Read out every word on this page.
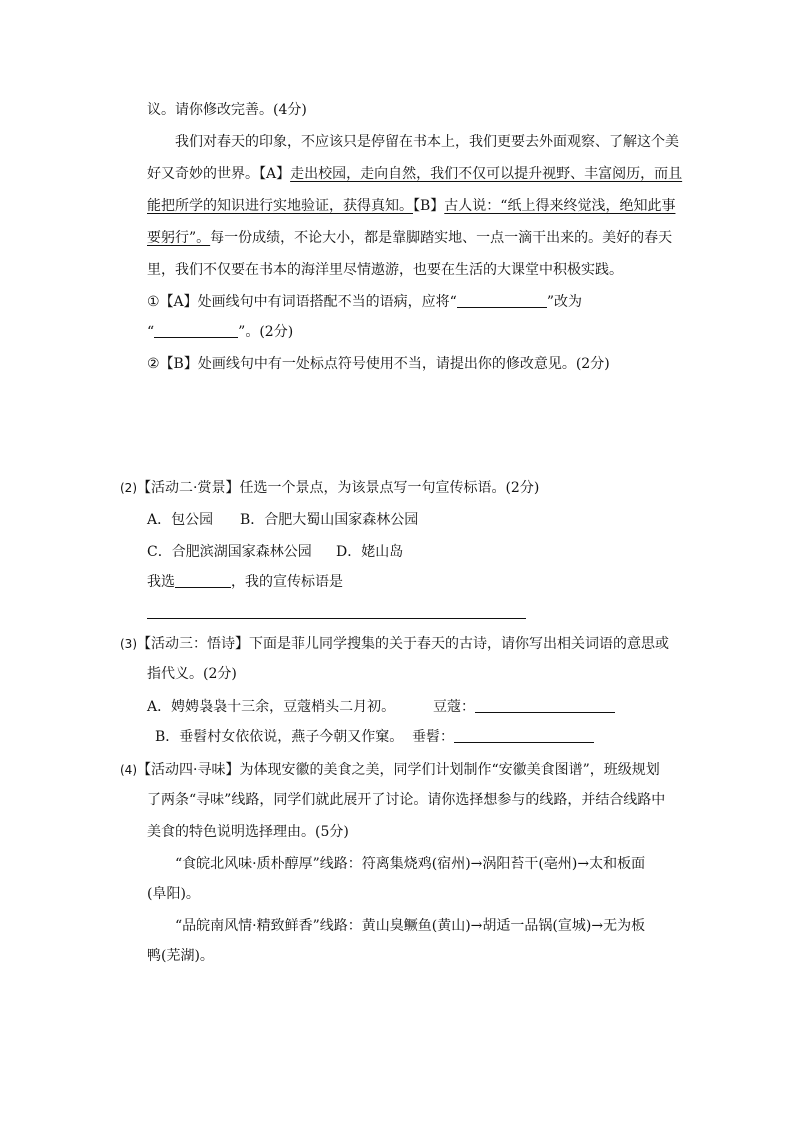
议。请你修改完善。(4分)
我们对春天的印象，不应该只是停留在书本上，我们更要去外面观察、了解这个美
好又奇妙的世界。【A】走出校园，走向自然，我们不仅可以提升视野、丰富阅历，而且
能把所学的知识进行实地验证，获得真知。【B】古人说：“纸上得来终觉浅，绝知此事
要躬行”。每一份成绩，不论大小，都是靠脚踏实地、一点一滴干出来的。美好的春天
里，我们不仅要在书本的海洋里尽情遨游，也要在生活的大课堂中积极实践。
①【A】处画线句中有词语搭配不当的语病，应将“	”改为
“	”。(2分)
②【B】处画线句中有一处标点符号使用不当，请提出你的修改意见。(2分)
(2)【活动二·赏景】任选一个景点，为该景点写一句宣传标语。(2分)
A．包公园 B．合肥大蜀山国家森林公园
C．合肥滨湖国家森林公园 D．姥山岛
我选	，我的宣传标语是
(3)【活动三：悟诗】下面是菲儿同学搜集的关于春天的古诗，请你写出相关词语的意思或
指代义。(2分)
A．娉娉袅袅十三余，豆蔻梢头二月初。	豆蔻：
B．垂髫村女依依说，燕子今朝又作窠。 垂髫：
(4)【活动四·寻味】为体现安徽的美食之美，同学们计划制作“安徽美食图谱”，班级规划
了两条“寻味”线路，同学们就此展开了讨论。请你选择想参与的线路，并结合线路中
美食的特色说明选择理由。(5分)
“食皖北风味·质朴醇厚”线路：符离集烧鸡(宿州)→涡阳苔干(亳州)→太和板面
(阜阳)。
“品皖南风情·精致鲜香”线路：黄山臭鳜鱼(黄山)→胡适一品锅(宣城)→无为板
鸭(芜湖)。
